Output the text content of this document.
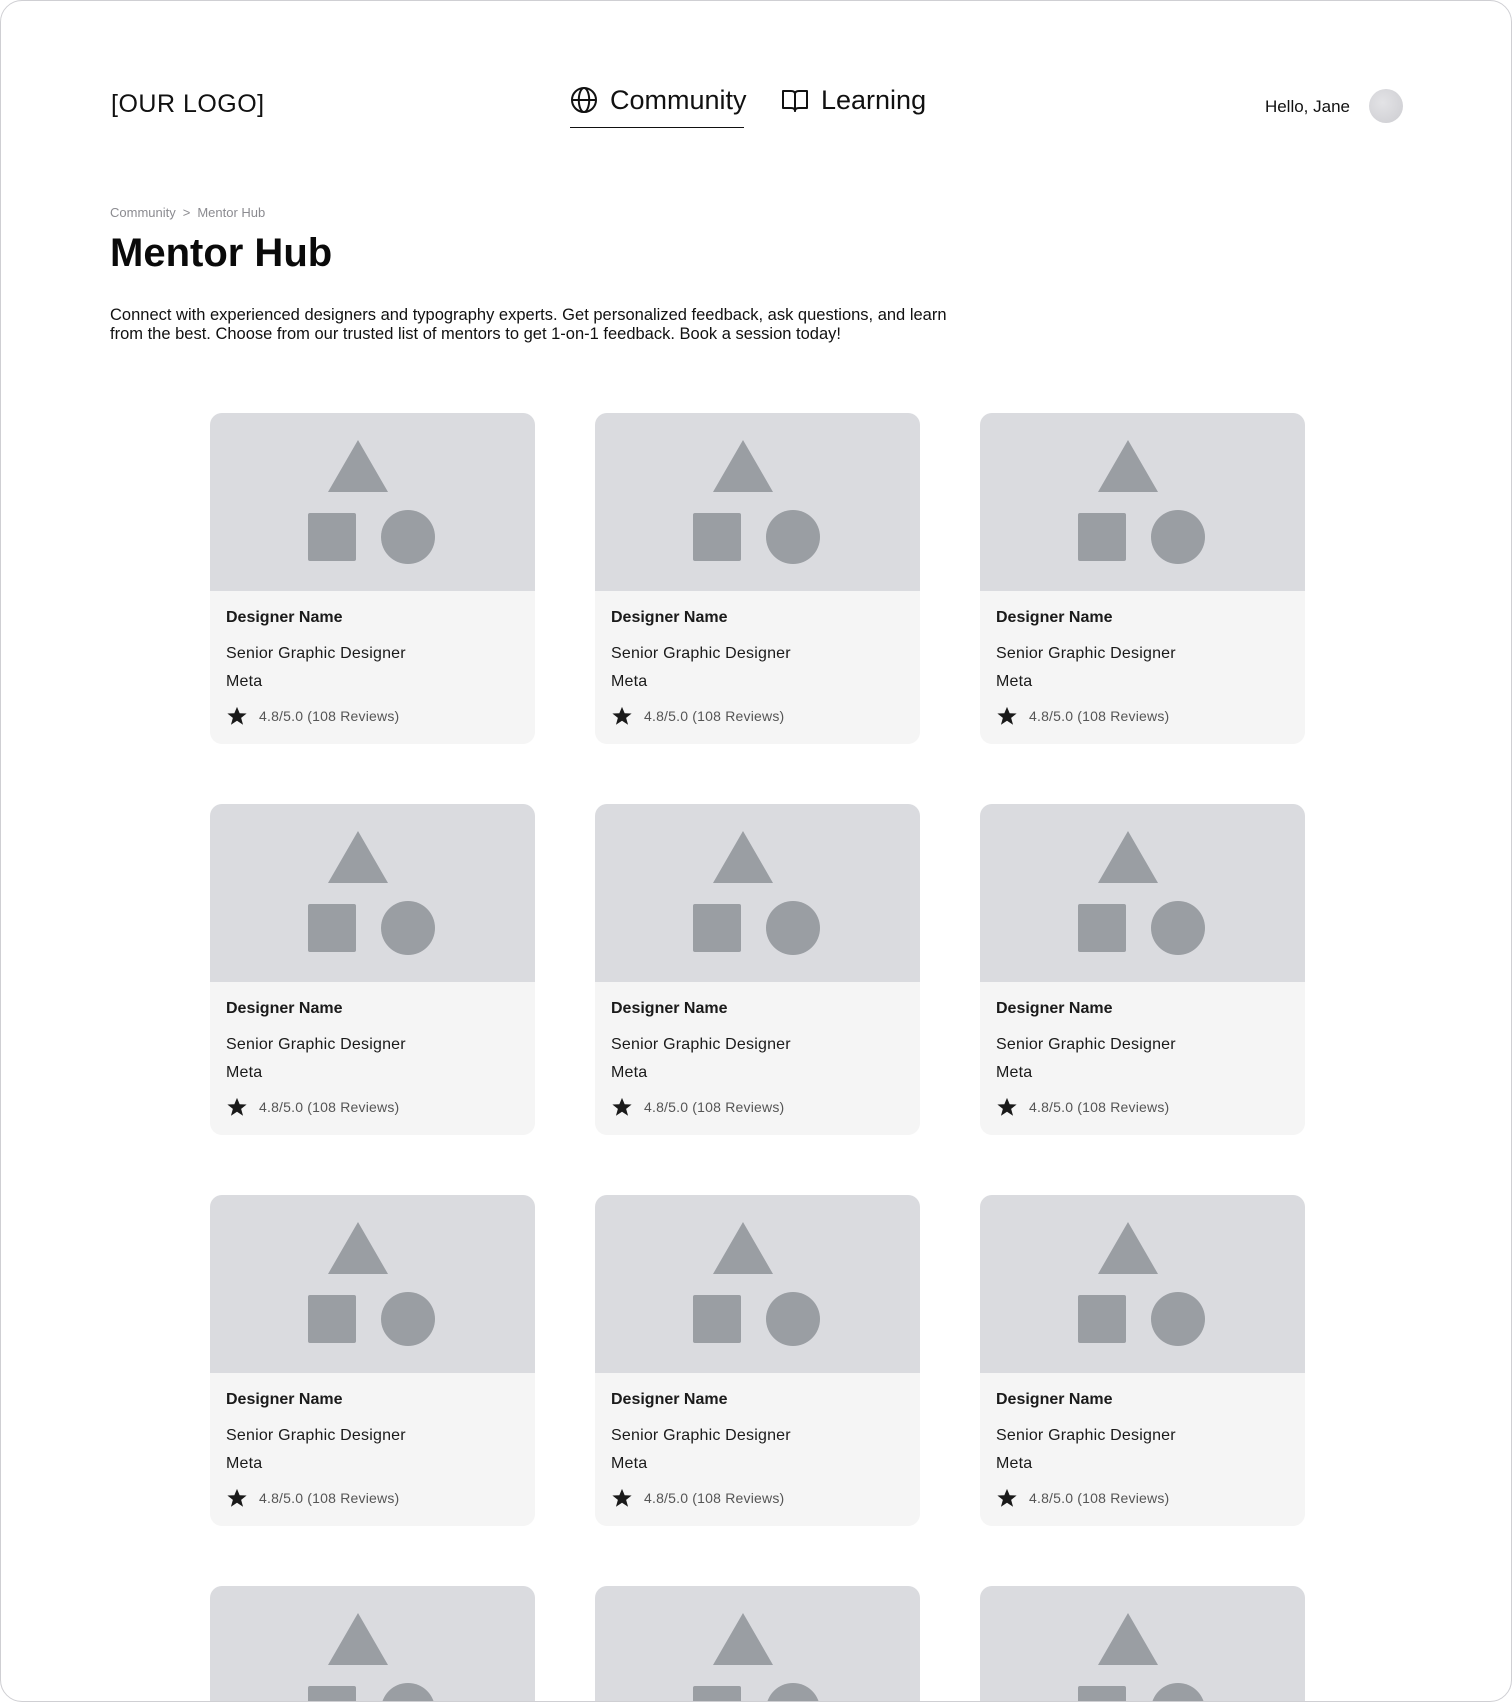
[OUR LOGO]	Community	Learning	Hello, Jane
Community > Mentor Hub
Mentor Hub

Connect with experienced designers and typography experts. Get personalized feedback, ask questions, and learn from the best. Choose from our trusted list of mentors to get 1-on-1 feedback. Book a session today!

Designer Name
Senior Graphic Designer
Meta
4.8/5.0 (108 Reviews)
Designer Name
Senior Graphic Designer
Meta
4.8/5.0 (108 Reviews)
Designer Name
Senior Graphic Designer
Meta
4.8/5.0 (108 Reviews)
Designer Name
Senior Graphic Designer
Meta
4.8/5.0 (108 Reviews)
Designer Name
Senior Graphic Designer
Meta
4.8/5.0 (108 Reviews)
Designer Name
Senior Graphic Designer
Meta
4.8/5.0 (108 Reviews)
Designer Name
Senior Graphic Designer
Meta
4.8/5.0 (108 Reviews)
Designer Name
Senior Graphic Designer
Meta
4.8/5.0 (108 Reviews)
Designer Name
Senior Graphic Designer
Meta
4.8/5.0 (108 Reviews)
